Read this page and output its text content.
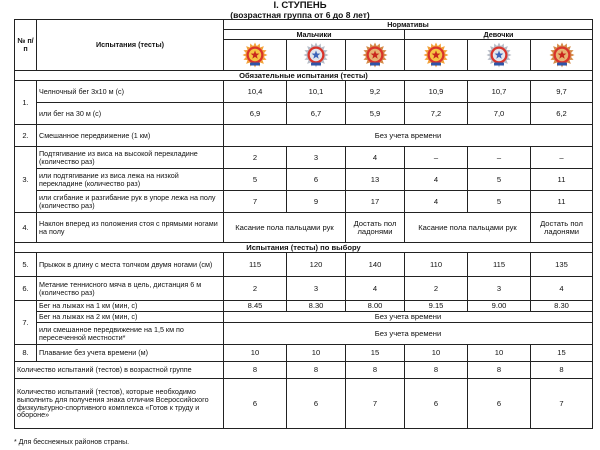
I. СТУПЕНЬ
(возрастная группа от 6 до 8 лет)
№ п/п	Испытания (тесты)	Нормативы					
		Мальчики			Девочки		

Обязательные испытания (тесты)							
1.	Челночный бег 3х10 м (с)	10,4	10,1	9,2	10,9	10,7	9,7
	или бег на 30 м (с)	6,9	6,7	5,9	7,2	7,0	6,2
2.	Смешанное передвижение (1 км)	Без учета времени					
3.	Подтягивание из виса на высокой перекладине (количество раз)	2	3	4	–	–	–
	или подтягивание из виса лежа на низкой перекладине (количество раз)	5	6	13	4	5	11
	или сгибание и разгибание рук в упоре лежа на полу (количество раз)	7	9	17	4	5	11
4.	Наклон вперед из положения стоя с прямыми ногами на полу	Касание пола пальцами рук		Достать пол ладонями	Касание пола пальцами рук		Достать пол ладонями
Испытания (тесты) по выбору							
5.	Прыжок в длину с места толчком двумя ногами (см)	115	120	140	110	115	135
6.	Метание теннисного мяча в цель, дистанция 6 м (количество раз)	2	3	4	2	3	4
7.	Бег на лыжах на 1 км (мин, с)	8.45	8.30	8.00	9.15	9.00	8.30
	Бег на лыжах на 2 км (мин, с)	Без учета времени					
	или смешанное передвижение на 1,5 км по пересеченной местности*	Без учета времени					
8.	Плавание без учета времени (м)	10	10	15	10	10	15
Количество испытаний (тестов) в возрастной группе		8	8	8	8	8	8
Количество испытаний (тестов), которые необходимо выполнить для получения знака отличия Всероссийского физкультурно-спортивного комплекса «Готов к труду и обороне»		6	6	7	6	6	7
* Для бесснежных районов страны.
